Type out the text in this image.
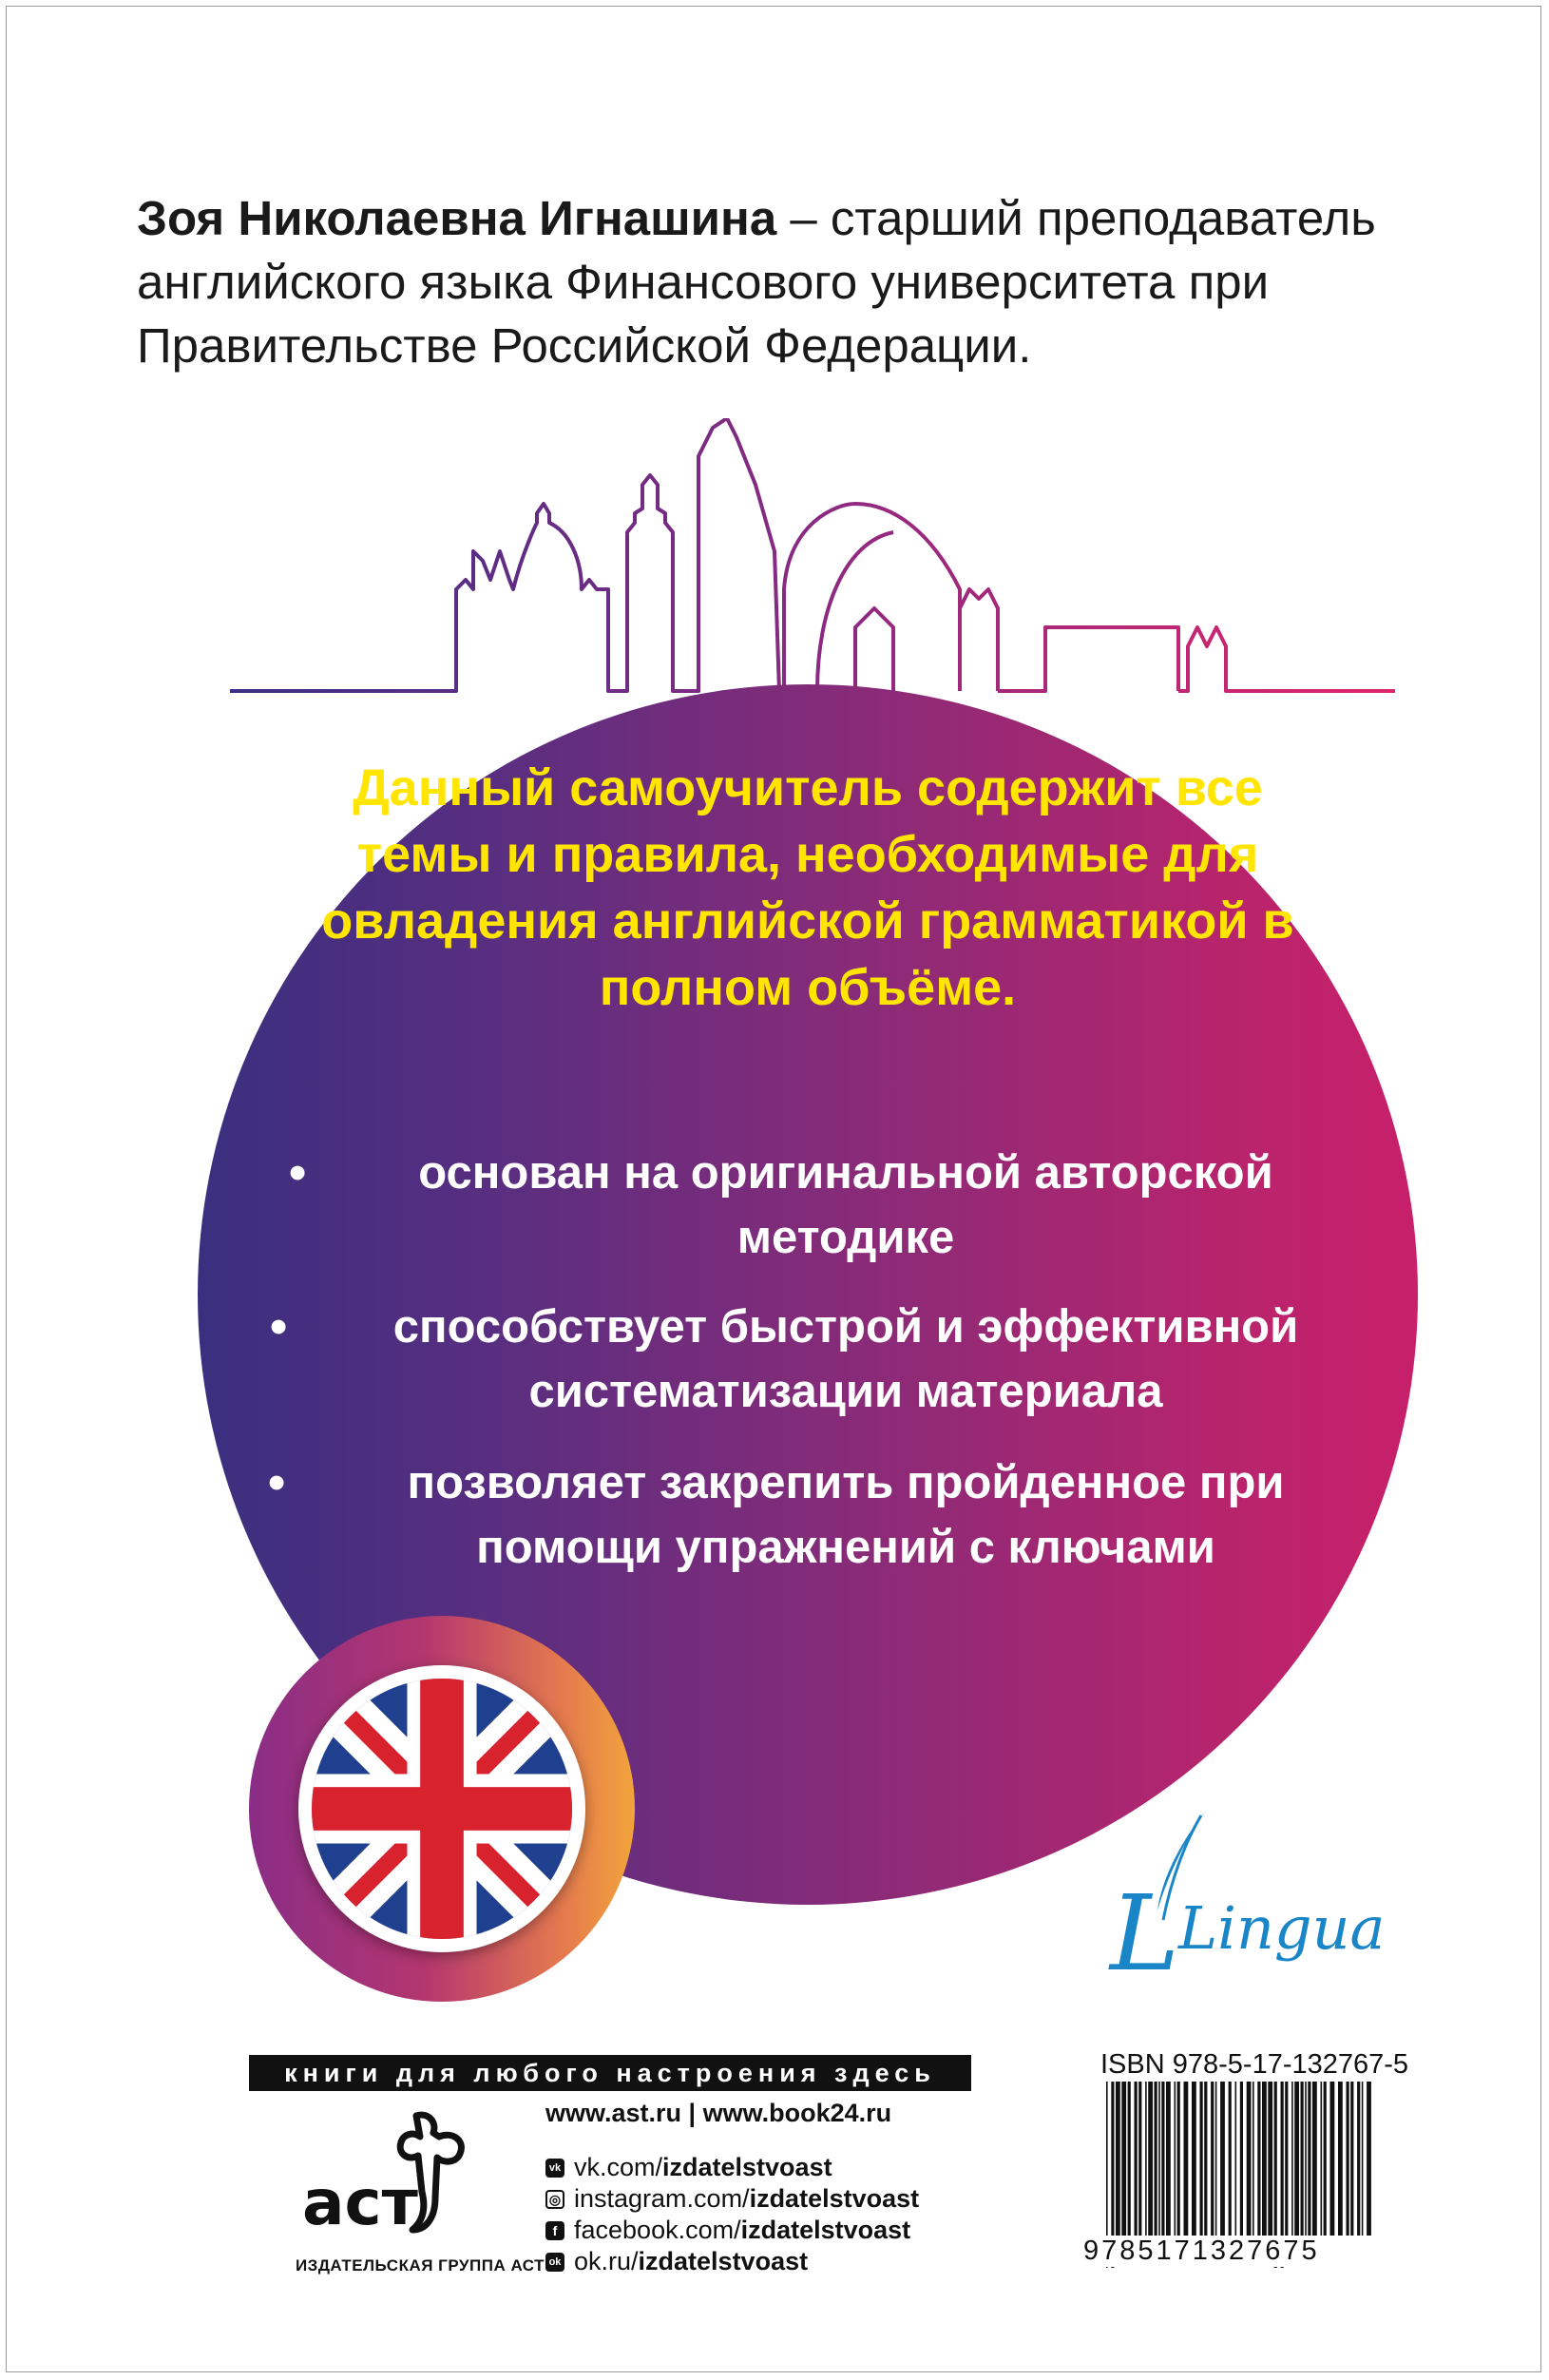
Зоя Николаевна Игнашина – старший преподаватель английского языка Финансового университета при Правительстве Российской Федерации.
Данный самоучитель содержит все темы и правила, необходимые для овладения английской грамматикой в полном объёме.
•	основан на оригинальной авторской методике
•	способствует быстрой и эффективной систематизации материала
•	позволяет закрепить пройденное при помощи упражнений с ключами
L
Lingua
книги для любого настроения здесь
аст
ИЗДАТЕЛЬСКАЯ ГРУППА АСТ
www.ast.ru | www.book24.ru
vk vk.com/ izdatelstvoast
◎ instagram.com/ izdatelstvoast
f facebook.com/ izdatelstvoast
ok ok.ru/ izdatelstvoast
ISBN 978-5-17-132767-5
9785171327675
